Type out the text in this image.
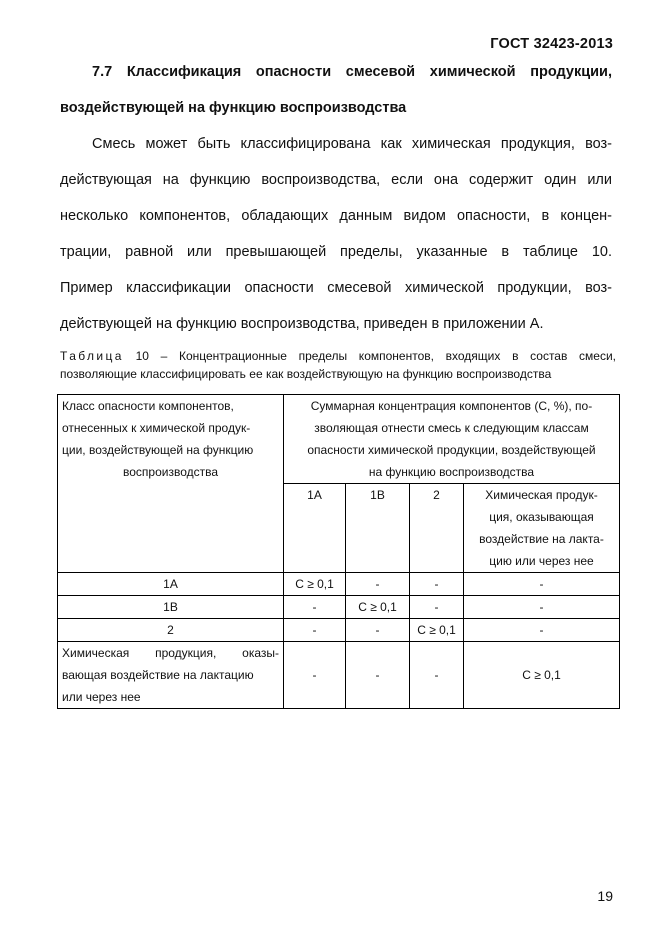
ГОСТ 32423-2013
7.7 Классификация опасности смесевой химической продукции,
воздействующей на функцию воспроизводства
Смесь может быть классифицирована как химическая продукция, воз-
действующая на функцию воспроизводства, если она содержит один или
несколько компонентов, обладающих данным видом опасности, в концен-
трации, равной или превышающей пределы, указанные в таблице 10.
Пример классификации опасности смесевой химической продукции, воз-
действующей на функцию воспроизводства, приведен в приложении А.
Таблица 10 – Концентрационные пределы компонентов, входящих в состав смеси,
позволяющие классифицировать ее как воздействующую на функцию воспроизводства
Класс опасности компонентов,
отнесенных к химической продук-
ции, воздействующей на функцию
воспроизводства	Суммарная концентрация компонентов (C, %), по-
зволяющая отнести смесь к следующим классам
опасности химической продукции, воздействующей
на функцию воспроизводства			

	1A	1B	2	Химическая продук-
ция, оказывающая
воздействие на лакта-
цию или через нее

1A	C ≥ 0,1	-	-	-
1B	-	C ≥ 0,1	-	-
2	-	-	C ≥ 0,1	-

Химическая продукция, оказы-
вающая воздействие на лактацию
или через нее	-	-	-	C ≥ 0,1
19
